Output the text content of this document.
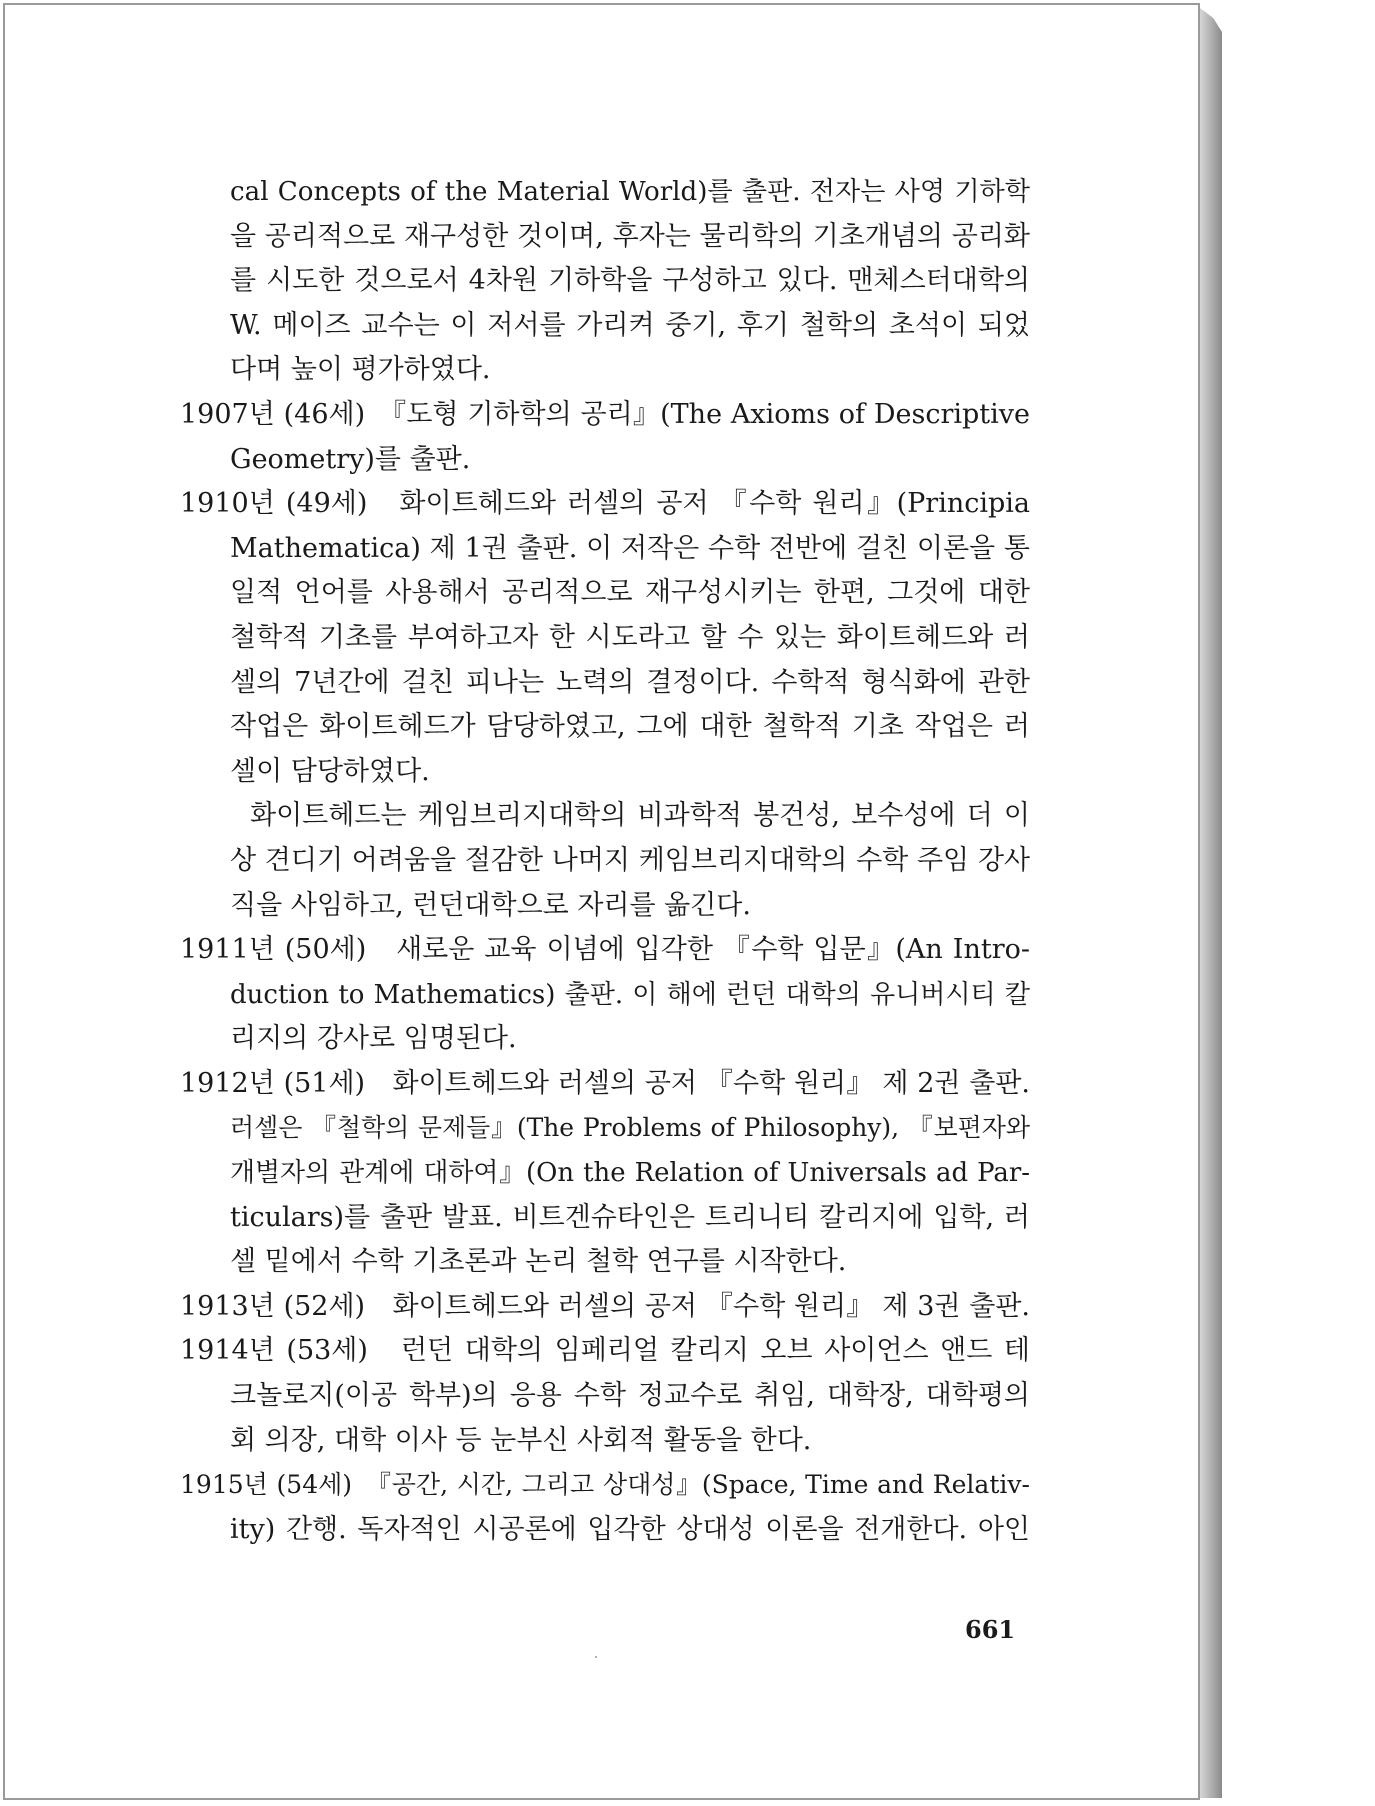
cal Concepts of the Material World)를 출판. 전자는 사영 기하학
을 공리적으로 재구성한 것이며, 후자는 물리학의 기초개념의 공리화
를 시도한 것으로서 4차원 기하학을 구성하고 있다. 맨체스터대학의
W. 메이즈 교수는 이 저서를 가리켜 중기, 후기 철학의 초석이 되었
다며 높이 평가하였다.
1907년 (46세)　『도형 기하학의 공리』(The Axioms of Descriptive
Geometry)를 출판.
1910년 (49세)　화이트헤드와 러셀의 공저 『수학 원리』(Principia
Mathematica) 제 1권 출판. 이 저작은 수학 전반에 걸친 이론을 통
일적 언어를 사용해서 공리적으로 재구성시키는 한편, 그것에 대한
철학적 기초를 부여하고자 한 시도라고 할 수 있는 화이트헤드와 러
셀의 7년간에 걸친 피나는 노력의 결정이다. 수학적 형식화에 관한
작업은 화이트헤드가 담당하였고, 그에 대한 철학적 기초 작업은 러
셀이 담당하였다.
화이트헤드는 케임브리지대학의 비과학적 봉건성, 보수성에 더 이
상 견디기 어려움을 절감한 나머지 케임브리지대학의 수학 주임 강사
직을 사임하고, 런던대학으로 자리를 옮긴다.
1911년 (50세)　새로운 교육 이념에 입각한 『수학 입문』(An Intro-
duction to Mathematics) 출판. 이 해에 런던 대학의 유니버시티 칼
리지의 강사로 임명된다.
1912년 (51세)　화이트헤드와 러셀의 공저 『수학 원리』 제 2권 출판.
러셀은 『철학의 문제들』(The Problems of Philosophy), 『보편자와
개별자의 관계에 대하여』(On the Relation of Universals ad Par-
ticulars)를 출판 발표. 비트겐슈타인은 트리니티 칼리지에 입학, 러
셀 밑에서 수학 기초론과 논리 철학 연구를 시작한다.
1913년 (52세)　화이트헤드와 러셀의 공저 『수학 원리』 제 3권 출판.
1914년 (53세)　런던 대학의 임페리얼 칼리지 오브 사이언스 앤드 테
크놀로지(이공 학부)의 응용 수학 정교수로 취임, 대학장, 대학평의
회 의장, 대학 이사 등 눈부신 사회적 활동을 한다.
1915년 (54세)　『공간, 시간, 그리고 상대성』(Space, Time and Relativ-
ity) 간행. 독자적인 시공론에 입각한 상대성 이론을 전개한다. 아인
661
